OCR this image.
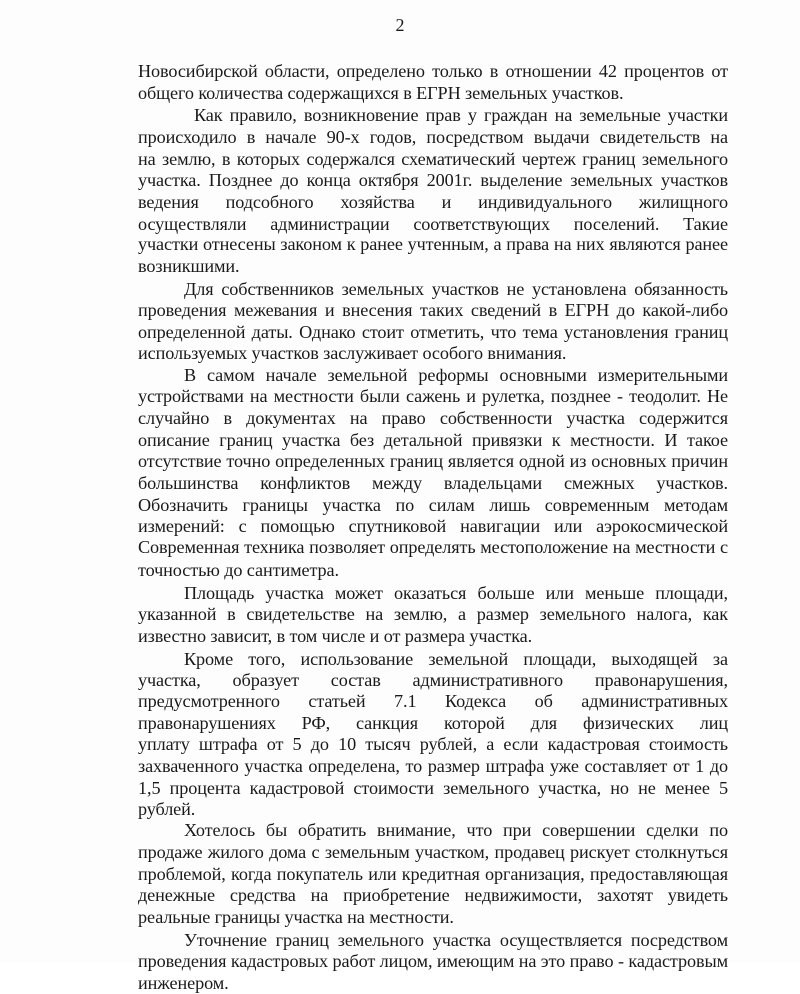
2
Новосибирской области, определено только в отношении 42 процентов от
общего количества содержащихся в ЕГРН земельных участков.
Как правило, возникновение прав у граждан на земельные участки
происходило в начале 90-х годов, посредством выдачи свидетельств на
на землю, в которых содержался схематический чертеж границ земельного
участка. Позднее до конца октября 2001г. выделение земельных участков
ведения подсобного хозяйства и индивидуального жилищного
осуществляли администрации соответствующих поселений. Такие
участки отнесены законом к ранее учтенным, а права на них являются ранее
возникшими.
Для собственников земельных участков не установлена обязанность
проведения межевания и внесения таких сведений в ЕГРН до какой-либо
определенной даты. Однако стоит отметить, что тема установления границ
используемых участков заслуживает особого внимания.
В самом начале земельной реформы основными измерительными
устройствами на местности были сажень и рулетка, позднее - теодолит. Не
случайно в документах на право собственности участка содержится
описание границ участка без детальной привязки к местности. И такое
отсутствие точно определенных границ является одной из основных причин
большинства конфликтов между владельцами смежных участков.
Обозначить границы участка по силам лишь современным методам
измерений: с помощью спутниковой навигации или аэрокосмической
Современная техника позволяет определять местоположение на местности с
точностью до сантиметра.
Площадь участка может оказаться больше или меньше площади,
указанной в свидетельстве на землю, а размер земельного налога, как
известно зависит, в том числе и от размера участка.
Кроме того, использование земельной площади, выходящей за
участка, образует состав административного правонарушения,
предусмотренного статьей 7.1 Кодекса об административных
правонарушениях РФ, санкция которой для физических лиц
уплату штрафа от 5 до 10 тысяч рублей, а если кадастровая стоимость
захваченного участка определена, то размер штрафа уже составляет от 1 до
1,5 процента кадастровой стоимости земельного участка, но не менее 5
рублей.
Хотелось бы обратить внимание, что при совершении сделки по
продаже жилого дома с земельным участком, продавец рискует столкнуться
проблемой, когда покупатель или кредитная организация, предоставляющая
денежные средства на приобретение недвижимости, захотят увидеть
реальные границы участка на местности.
Уточнение границ земельного участка осуществляется посредством
проведения кадастровых работ лицом, имеющим на это право - кадастровым
инженером.
